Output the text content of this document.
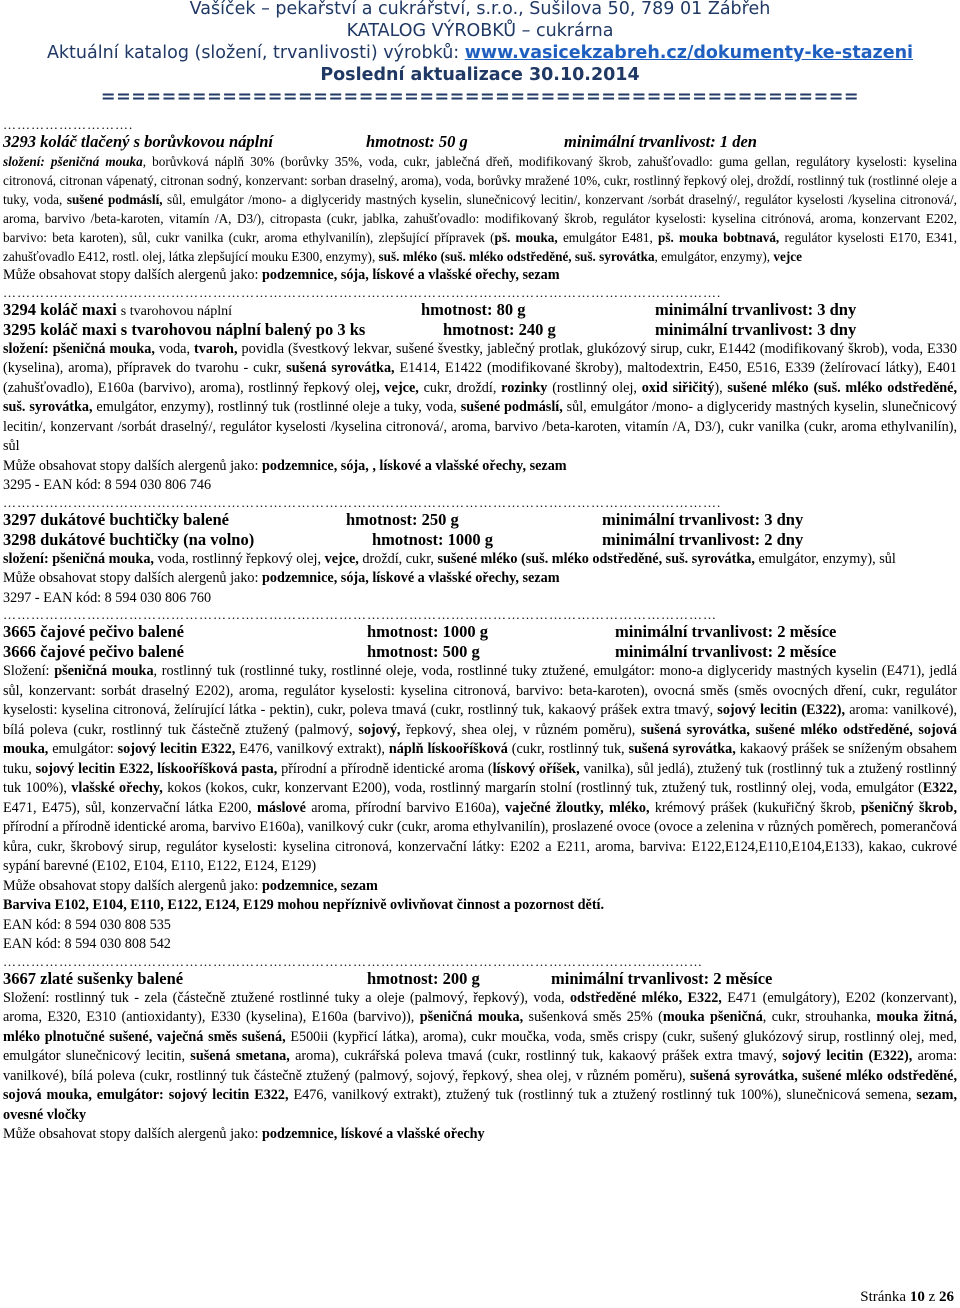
Vašíček – pekařství a cukrářství, s.r.o., Sušilova 50, 789 01 Zábřeh
KATALOG VÝROBKŮ – cukrárna
Aktuální katalog (složení, trvanlivosti) výrobků: www.vasicekzabreh.cz/dokumenty-ke-stazeni
Poslední aktualizace 30.10.2014
==================================================
……………………….
3293 koláč tlačený s borůvkovou náplní	hmotnost: 50 g	minimální trvanlivost: 1 den
složení: pšeničná mouka, borůvková náplň 30% (borůvky 35%, voda, cukr, jablečná dřeň, modifikovaný škrob, zahušťovadlo: guma gellan, regulátory kyselosti: kyselina citronová, citronan vápenatý, citronan sodný, konzervant: sorban draselný, aroma), voda, borůvky mražené 10%, cukr, rostlinný řepkový olej, droždí, rostlinný tuk (rostlinné oleje a tuky, voda, sušené podmáslí, sůl, emulgátor /mono- a diglyceridy mastných kyselin, slunečnicový lecitin/, konzervant /sorbát draselný/, regulátor kyselosti /kyselina citronová/, aroma, barvivo /beta-karoten, vitamín /A, D3/), citropasta (cukr, jablka, zahušťovadlo: modifikovaný škrob, regulátor kyselosti: kyselina citrónová, aroma, konzervant E202, barvivo: beta karoten), sůl, cukr vanilka (cukr, aroma ethylvanilín), zlepšující přípravek (pš. mouka, emulgátor E481, pš. mouka bobtnavá, regulátor kyselosti E170, E341, zahušťovadlo E412, rostl. olej, látka zlepšující mouku E300, enzymy), suš. mléko (suš. mléko odstředěné, suš. syrovátka, emulgátor, enzymy), vejce
Může obsahovat stopy dalších alergenů jako: podzemnice, sója, lískové a vlašské ořechy, sezam
……………………………………………………………………………………………………………………………………….
3294 koláč maxi s tvarohovou náplní	hmotnost: 80 g	minimální trvanlivost: 3 dny
3295 koláč maxi s tvarohovou náplní balený po 3 ks	hmotnost: 240 g	minimální trvanlivost: 3 dny
složení: pšeničná mouka, voda, tvaroh, povidla (švestkový lekvar, sušené švestky, jablečný protlak, glukózový sirup, cukr, E1442 (modifikovaný škrob), voda, E330 (kyselina), aroma), přípravek do tvarohu - cukr, sušená syrovátka, E1414, E1422 (modifikované škroby), maltodextrin, E450, E516, E339 (želírovací látky), E401 (zahušťovadlo), E160a (barvivo), aroma), rostlinný řepkový olej, vejce, cukr, droždí, rozinky (rostlinný olej, oxid siřičitý), sušené mléko (suš. mléko odstředěné, suš. syrovátka, emulgátor, enzymy), rostlinný tuk (rostlinné oleje a tuky, voda, sušené podmáslí, sůl, emulgátor /mono- a diglyceridy mastných kyselin, slunečnicový lecitin/, konzervant /sorbát draselný/, regulátor kyselosti /kyselina citronová/, aroma, barvivo /beta-karoten, vitamín /A, D3/), cukr vanilka (cukr, aroma ethylvanilín), sůl
Může obsahovat stopy dalších alergenů jako: podzemnice, sója, , lískové a vlašské ořechy, sezam
3295 - EAN kód: 8 594 030 806 746
……………………………………………………………………………………………………………………………………….
3297 dukátové buchtičky balené	hmotnost: 250 g	minimální trvanlivost: 3 dny
3298 dukátové buchtičky (na volno)	hmotnost: 1000 g	minimální trvanlivost: 2 dny
složení: pšeničná mouka, voda, rostlinný řepkový olej, vejce, droždí, cukr, sušené mléko (suš. mléko odstředěné, suš. syrovátka, emulgátor, enzymy), sůl
Může obsahovat stopy dalších alergenů jako: podzemnice, sója, lískové a vlašské ořechy, sezam
3297 - EAN kód: 8 594 030 806 760
………………………………………………………………………………………………………………………………………
3665 čajové pečivo balené	hmotnost: 1000 g	minimální trvanlivost: 2 měsíce
3666 čajové pečivo balené	hmotnost: 500 g	minimální trvanlivost: 2 měsíce
Složení: pšeničná mouka, rostlinný tuk (rostlinné tuky, rostlinné oleje, voda, rostlinné tuky ztužené, emulgátor: mono-a diglyceridy mastných kyselin (E471), jedlá sůl, konzervant: sorbát draselný E202), aroma, regulátor kyselosti: kyselina citronová, barvivo: beta-karoten), ovocná směs (směs ovocných dření, cukr, regulátor kyselosti: kyselina citronová, želírující látka - pektin), cukr, poleva tmavá (cukr, rostlinný tuk, kakaový prášek extra tmavý, sojový lecitin (E322), aroma: vanilkové), bílá poleva (cukr, rostlinný tuk částečně ztužený (palmový, sojový, řepkový, shea olej, v různém poměru), sušená syrovátka, sušené mléko odstředěné, sojová mouka, emulgátor: sojový lecitin E322, E476, vanilkový extrakt), náplň lískooříšková (cukr, rostlinný tuk, sušená syrovátka, kakaový prášek se sníženým obsahem tuku, sojový lecitin E322, lískooříšková pasta, přírodní a přírodně identické aroma (lískový oříšek, vanilka), sůl jedlá), ztužený tuk (rostlinný tuk a ztužený rostlinný tuk 100%), vlašské ořechy, kokos (kokos, cukr, konzervant E200), voda, rostlinný margarín stolní (rostlinný tuk, ztužený tuk, rostlinný olej, voda, emulgátor (E322, E471, E475), sůl, konzervační látka E200, máslové aroma, přírodní barvivo E160a), vaječné žloutky, mléko, krémový prášek (kukuřičný škrob, pšeničný škrob, přírodní a přírodně identické aroma, barvivo E160a), vanilkový cukr (cukr, aroma ethylvanilín), proslazené ovoce (ovoce a zelenina v různých poměrech, pomerančová kůra, cukr, škrobový sirup, regulátor kyselosti: kyselina citronová, konzervační látky: E202 a E211, aroma, barviva: E122,E124,E110,E104,E133), kakao, cukrové sypání barevné (E102, E104, E110, E122, E124, E129)
Může obsahovat stopy dalších alergenů jako: podzemnice, sezam
Barviva E102, E104, E110, E122, E124, E129 mohou nepříznivě ovlivňovat činnost a pozornost dětí.
EAN kód: 8 594 030 808 535
EAN kód: 8 594 030 808 542
……………………………………………………………………………………………………………………………………
3667 zlaté sušenky balené	hmotnost: 200 g	minimální trvanlivost: 2 měsíce
Složení: rostlinný tuk - zela (částečně ztužené rostlinné tuky a oleje (palmový, řepkový), voda, odstředěné mléko, E322, E471 (emulgátory), E202 (konzervant), aroma, E320, E310 (antioxidanty), E330 (kyselina), E160a (barvivo)), pšeničná mouka, sušenková směs 25% (mouka pšeničná, cukr, strouhanka, mouka žitná, mléko plnotučné sušené, vaječná směs sušená, E500ii (kypřicí látka), aroma), cukr moučka, voda, směs crispy (cukr, sušený glukózový sirup, rostlinný olej, med, emulgátor slunečnicový lecitin, sušená smetana, aroma), cukrářská poleva tmavá (cukr, rostlinný tuk, kakaový prášek extra tmavý, sojový lecitin (E322), aroma: vanilkové), bílá poleva (cukr, rostlinný tuk částečně ztužený (palmový, sojový, řepkový, shea olej, v různém poměru), sušená syrovátka, sušené mléko odstředěné, sojová mouka, emulgátor: sojový lecitin E322, E476, vanilkový extrakt), ztužený tuk (rostlinný tuk a ztužený rostlinný tuk 100%), slunečnicová semena, sezam, ovesné vločky
Může obsahovat stopy dalších alergenů jako: podzemnice, lískové a vlašské ořechy
Stránka 10 z 26
